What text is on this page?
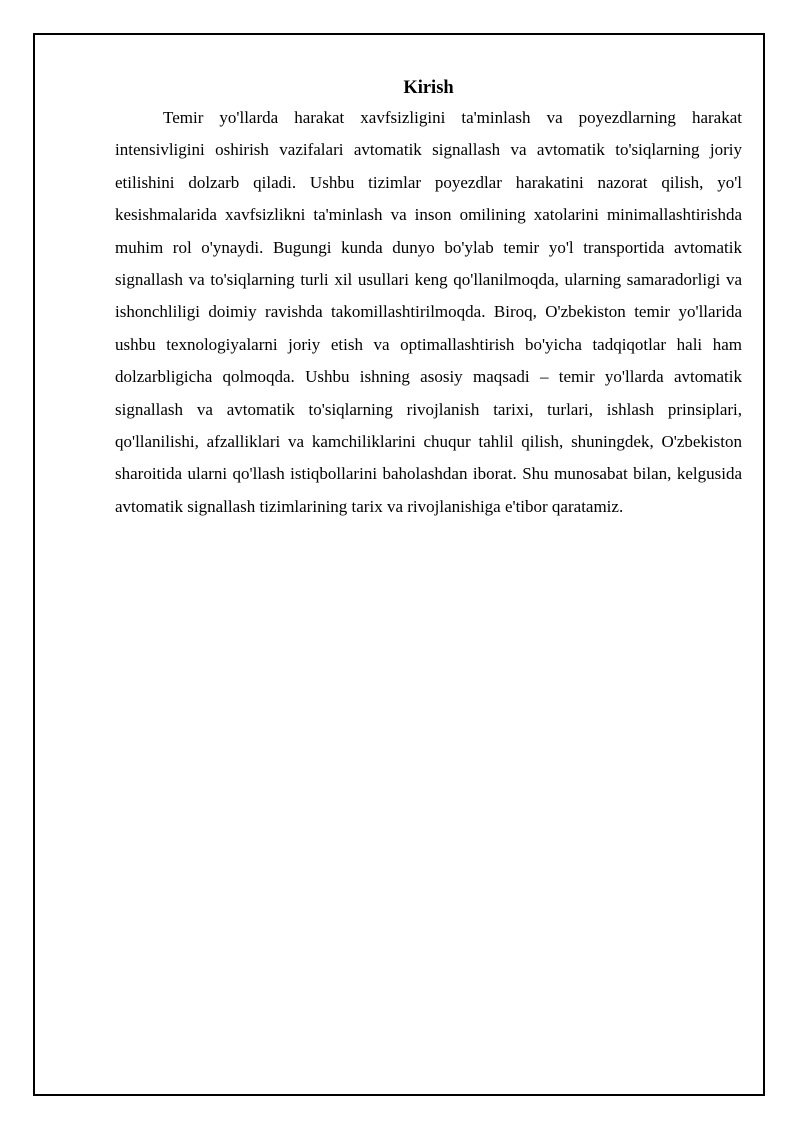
Kirish

Temir yo'llarda harakat xavfsizligini ta'minlash va poyezdlarning harakat intensivligini oshirish vazifalari avtomatik signallash va avtomatik to'siqlarning joriy etilishini dolzarb qiladi. Ushbu tizimlar poyezdlar harakatini nazorat qilish, yo'l kesishmalarida xavfsizlikni ta'minlash va inson omilining xatolarini minimallashtirishda muhim rol o'ynaydi. Bugungi kunda dunyo bo'ylab temir yo'l transportida avtomatik signallash va to'siqlarning turli xil usullari keng qo'llanilmoqda, ularning samaradorligi va ishonchliligi doimiy ravishda takomillashtirilmoqda. Biroq, O'zbekiston temir yo'llarida ushbu texnologiyalarni joriy etish va optimallashtirish bo'yicha tadqiqotlar hali ham dolzarbligicha qolmoqda. Ushbu ishning asosiy maqsadi – temir yo'llarda avtomatik signallash va avtomatik to'siqlarning rivojlanish tarixi, turlari, ishlash prinsiplari, qo'llanilishi, afzalliklari va kamchiliklarini chuqur tahlil qilish, shuningdek, O'zbekiston sharoitida ularni qo'llash istiqbollarini baholashdan iborat. Shu munosabat bilan, kelgusida avtomatik signallash tizimlarining tarix va rivojlanishiga e'tibor qaratamiz.
